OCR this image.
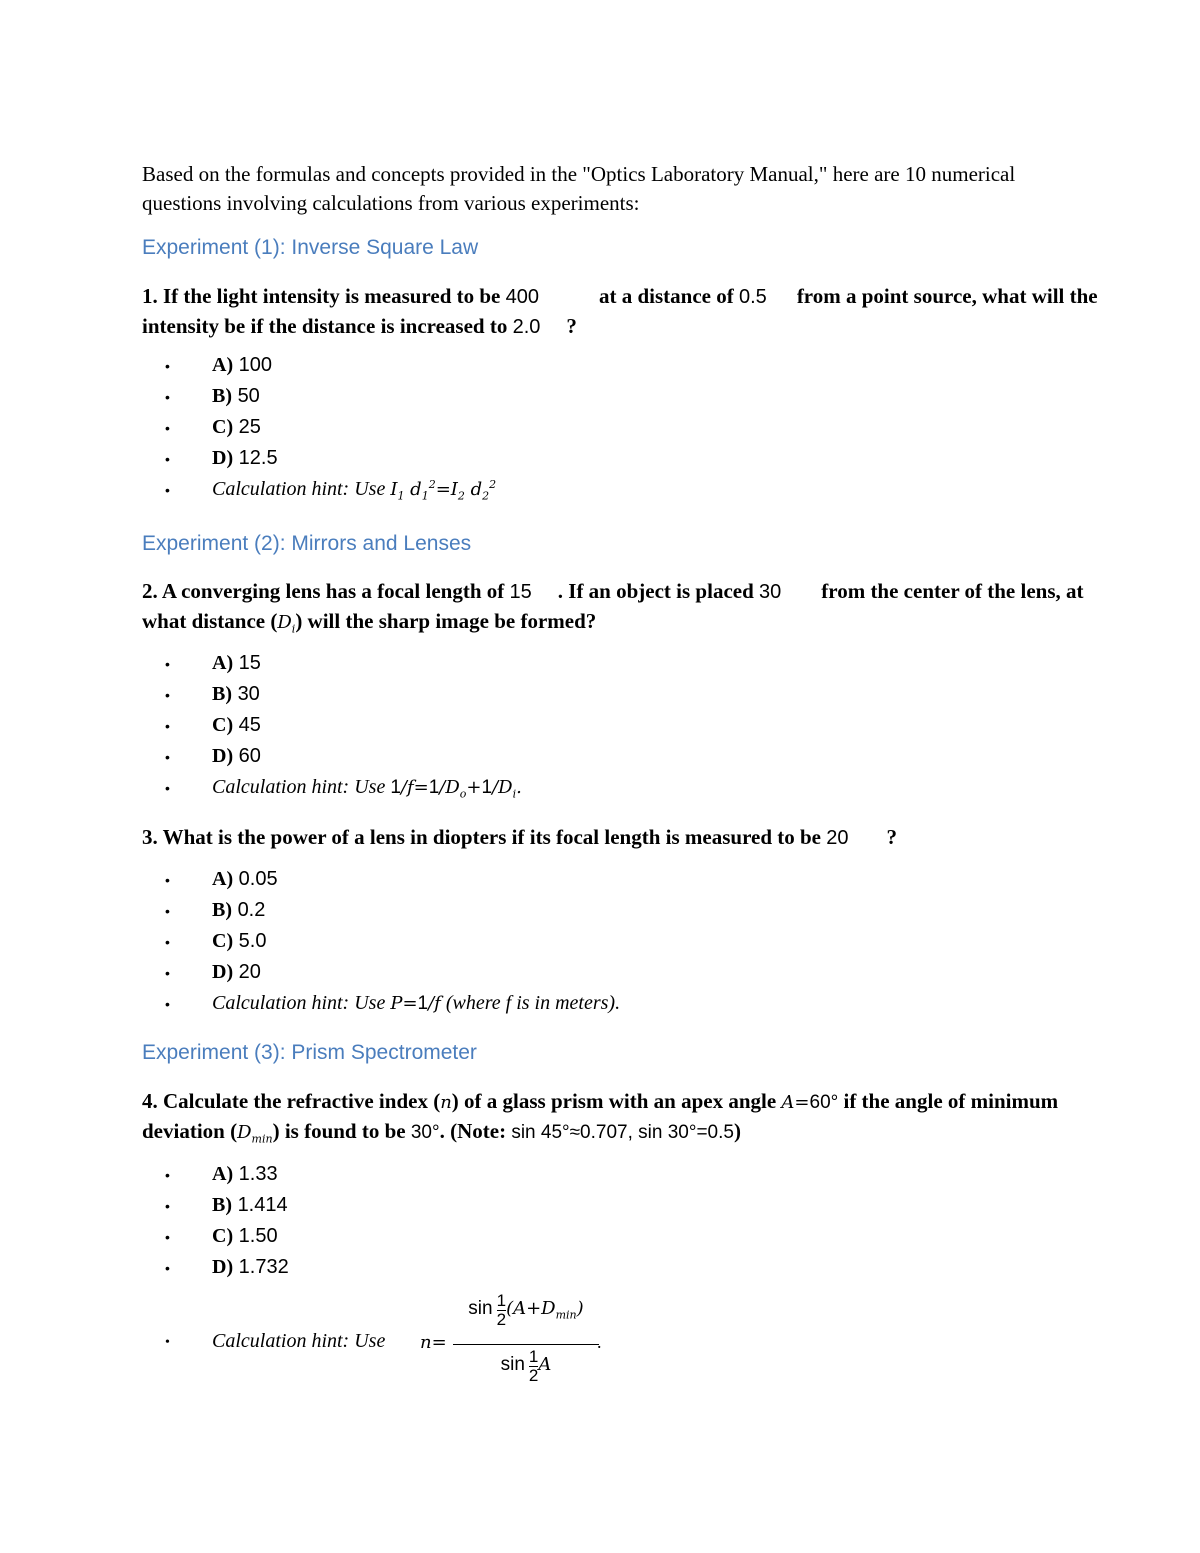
Based on the formulas and concepts provided in the "Optics Laboratory Manual," here are 10 numerical questions involving calculations from various experiments:
Experiment (1): Inverse Square Law
1. If the light intensity is measured to be 400	at a distance of 0.5 from a point source, what will the intensity be if the distance is increased to 2.0 ?
• A) 100
• B) 50
• C) 25
• D) 12.5
• Calculation hint: Use $I_1$ $d_1^2=I_2$ $d_2^2$
Experiment (2): Mirrors and Lenses
2. A converging lens has a focal length of 15 . If an object is placed 30 from the center of the lens, at what distance $(D_i)$ will the sharp image be formed?
• A) 15
• B) 30
• C) 45
• D) 60
• Calculation hint: Use $1/f=1/D_o+1/D_i$.
3. What is the power of a lens in diopters if its focal length is measured to be 20 ?
• A) 0.05
• B) 0.2
• C) 5.0
• D) 20
• Calculation hint: Use P=1/f (where f is in meters).
Experiment (3): Prism Spectrometer
4. Calculate the refractive index (n) of a glass prism with an apex angle A=60° if the angle of minimum deviation $(D_{min})$ is found to be 30°. (Note: sin 45°≈0.707, sin 30°=0.5)
• A) 1.33
• B) 1.414
• C) 1.50
• D) 1.732
• Calculation hint: Use n=
$\sin \frac{1}{2} (A+D_{min})$
.
$\sin \frac{1}{2}$ A
